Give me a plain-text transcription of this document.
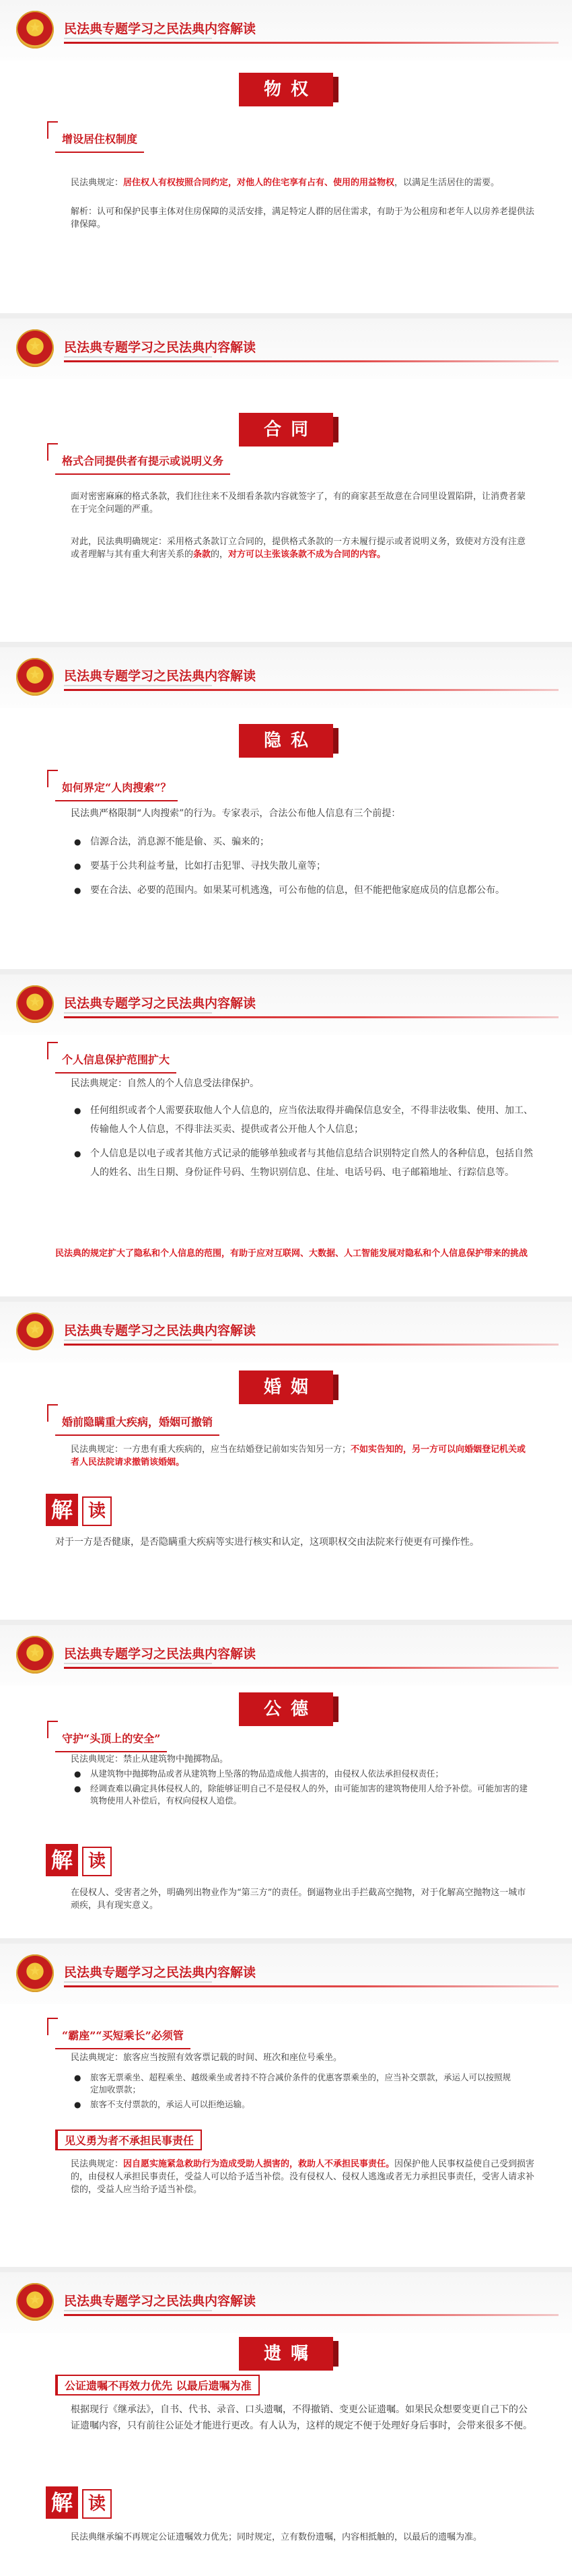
★	民法典专题学习之民法典内容解读
物权
增设居住权制度
民法典规定：居住权人有权按照合同约定，对他人的住宅享有占有、使用的用益物权，以满足生活居住的需要。
解析：认可和保护民事主体对住房保障的灵活安排，满足特定人群的居住需求，有助于为公租房和老年人以房养老提供法律保障。
★	民法典专题学习之民法典内容解读
合同
格式合同提供者有提示或说明义务
面对密密麻麻的格式条款，我们往往来不及细看条款内容就签字了，有的商家甚至故意在合同里设置陷阱，让消费者蒙在于完全问题的严重。
对此，民法典明确规定：采用格式条款订立合同的，提供格式条款的一方未履行提示或者说明义务，致使对方没有注意或者理解与其有重大利害关系的条款的，对方可以主张该条款不成为合同的内容。
★	民法典专题学习之民法典内容解读
隐私
如何界定“人肉搜索”？
民法典严格限制“人肉搜索”的行为。专家表示，合法公布他人信息有三个前提：
● 信源合法，消息源不能是偷、买、骗来的；
● 要基于公共利益考量，比如打击犯罪、寻找失散儿童等；
● 要在合法、必要的范围内。如果某可机逃逸，可公布他的信息，但不能把他家庭成员的信息都公布。
★	民法典专题学习之民法典内容解读
个人信息保护范围扩大
民法典规定：自然人的个人信息受法律保护。
● 任何组织或者个人需要获取他人个人信息的，应当依法取得并确保信息安全，不得非法收集、使用、加工、传输他人个人信息，不得非法买卖、提供或者公开他人个人信息；
● 个人信息是以电子或者其他方式记录的能够单独或者与其他信息结合识别特定自然人的各种信息，包括自然人的姓名、出生日期、身份证件号码、生物识别信息、住址、电话号码、电子邮箱地址、行踪信息等。
民法典的规定扩大了隐私和个人信息的范围，有助于应对互联网、大数据、人工智能发展对隐私和个人信息保护带来的挑战
★	民法典专题学习之民法典内容解读
婚姻
婚前隐瞒重大疾病，婚姻可撤销
民法典规定：一方患有重大疾病的，应当在结婚登记前如实告知另一方；不如实告知的，另一方可以向婚姻登记机关或者人民法院请求撤销该婚姻。
解 读
对于一方是否健康，是否隐瞒重大疾病等实进行核实和认定，这项职权交由法院来行使更有可操作性。
★	民法典专题学习之民法典内容解读
公德
守护“头顶上的安全”
民法典规定：禁止从建筑物中抛掷物品。
● 从建筑物中抛掷物品或者从建筑物上坠落的物品造成他人损害的，由侵权人依法承担侵权责任；
● 经调查难以确定具体侵权人的，除能够证明自己不是侵权人的外，由可能加害的建筑物使用人给予补偿。可能加害的建筑物使用人补偿后，有权向侵权人追偿。
解 读
在侵权人、受害者之外，明确列出物业作为“第三方”的责任。倒逼物业出手拦截高空抛物，对于化解高空抛物这一城市顽疾，具有现实意义。
★	民法典专题学习之民法典内容解读
“霸座”“买短乘长”必须管
民法典规定：旅客应当按照有效客票记载的时间、班次和座位号乘坐。
● 旅客无票乘坐、超程乘坐、越级乘坐或者持不符合减价条件的优惠客票乘坐的，应当补交票款，承运人可以按照规定加收票款；
● 旅客不支付票款的，承运人可以拒绝运输。
见义勇为者不承担民事责任
民法典规定：因自愿实施紧急救助行为造成受助人损害的，救助人不承担民事责任。因保护他人民事权益使自己受到损害的，由侵权人承担民事责任，受益人可以给予适当补偿。没有侵权人、侵权人逃逸或者无力承担民事责任，受害人请求补偿的，受益人应当给予适当补偿。
★	民法典专题学习之民法典内容解读
遗嘱
公证遗嘱不再效力优先 以最后遗嘱为准
根据现行《继承法》，自书、代书、录音、口头遗嘱，不得撤销、变更公证遗嘱。如果民众想要变更自己下的公证遗嘱内容，只有前往公证处才能进行更改。有人认为，这样的规定不便于处理好身后事时，会带来很多不便。
解 读
民法典继承编不再规定公证遗嘱效力优先；同时规定，立有数份遗嘱，内容相抵触的，以最后的遗嘱为准。
